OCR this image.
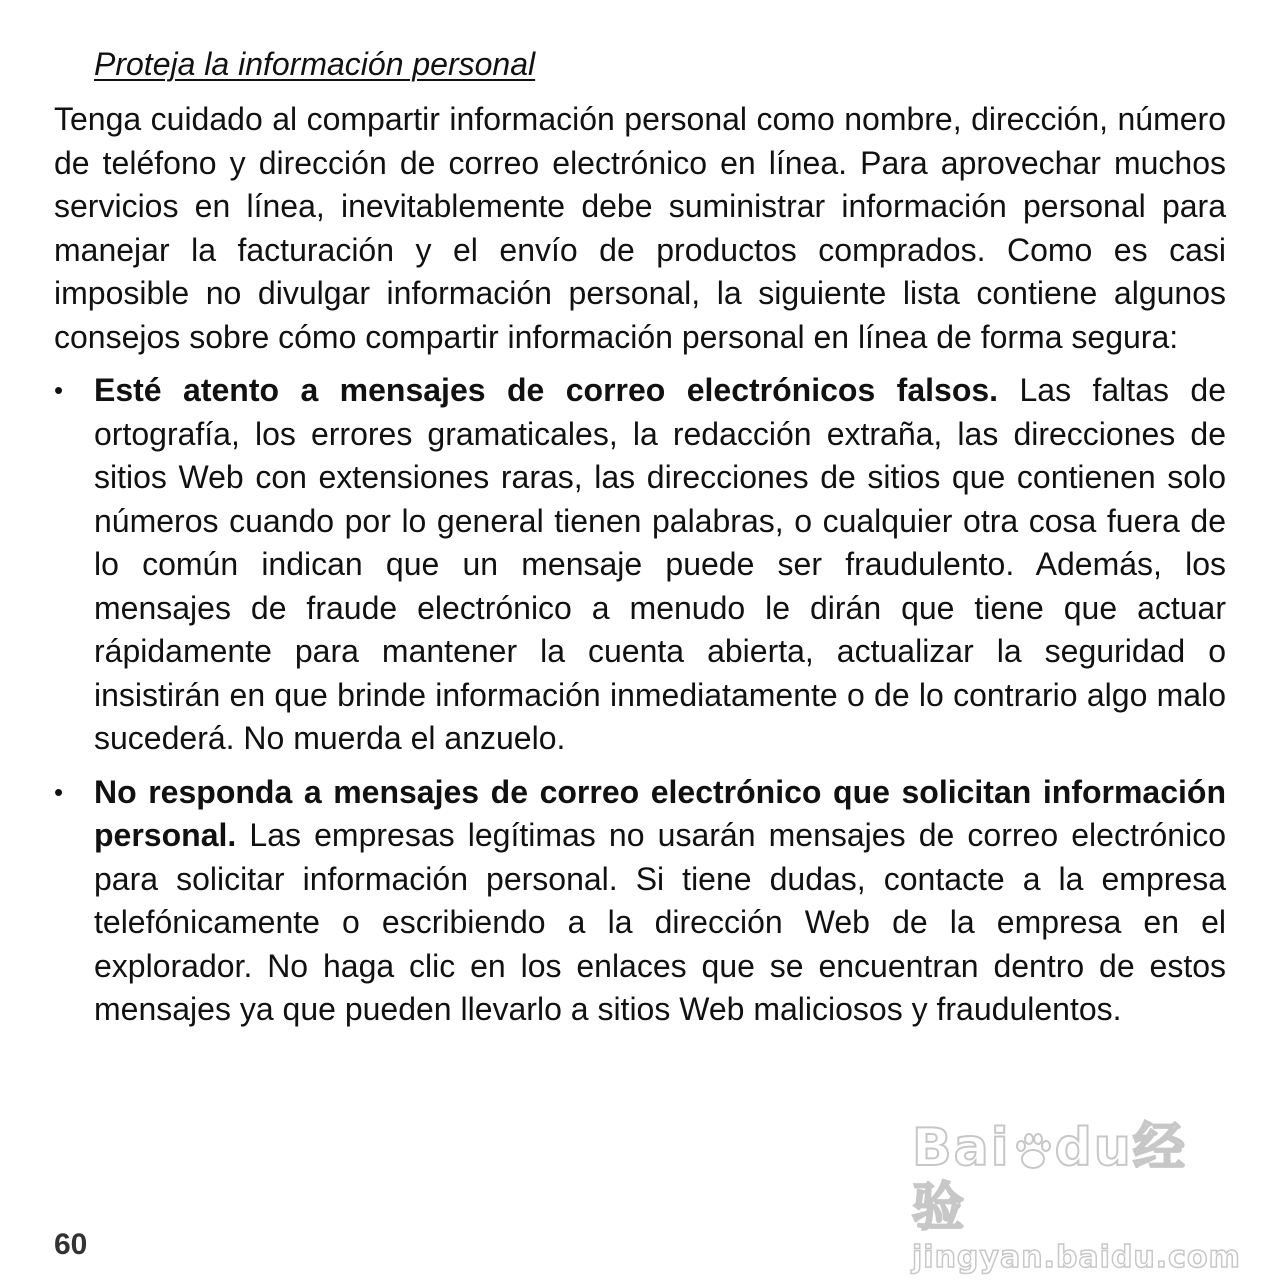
Proteja la información personal

Tenga cuidado al compartir información personal como nombre, dirección, número de teléfono y dirección de correo electrónico en línea. Para aprovechar muchos servicios en línea, inevitablemente debe suministrar información personal para manejar la facturación y el envío de productos comprados. Como es casi imposible no divulgar información personal, la siguiente lista contiene algunos consejos sobre cómo compartir información personal en línea de forma segura:

• Esté atento a mensajes de correo electrónicos falsos. Las faltas de ortografía, los errores gramaticales, la redacción extraña, las direcciones de sitios Web con extensiones raras, las direcciones de sitios que contienen solo números cuando por lo general tienen palabras, o cualquier otra cosa fuera de lo común indican que un mensaje puede ser fraudulento. Además, los mensajes de fraude electrónico a menudo le dirán que tiene que actuar rápidamente para mantener la cuenta abierta, actualizar la seguridad o insistirán en que brinde información inmediatamente o de lo contrario algo malo sucederá. No muerda el anzuelo.
• No responda a mensajes de correo electrónico que solicitan información personal. Las empresas legítimas no usarán mensajes de correo electrónico para solicitar información personal. Si tiene dudas, contacte a la empresa telefónicamente o escribiendo a la dirección Web de la empresa en el explorador. No haga clic en los enlaces que se encuentran dentro de estos mensajes ya que pueden llevarlo a sitios Web maliciosos y fraudulentos.
60
Bai du经验
jingyan.baidu.com
